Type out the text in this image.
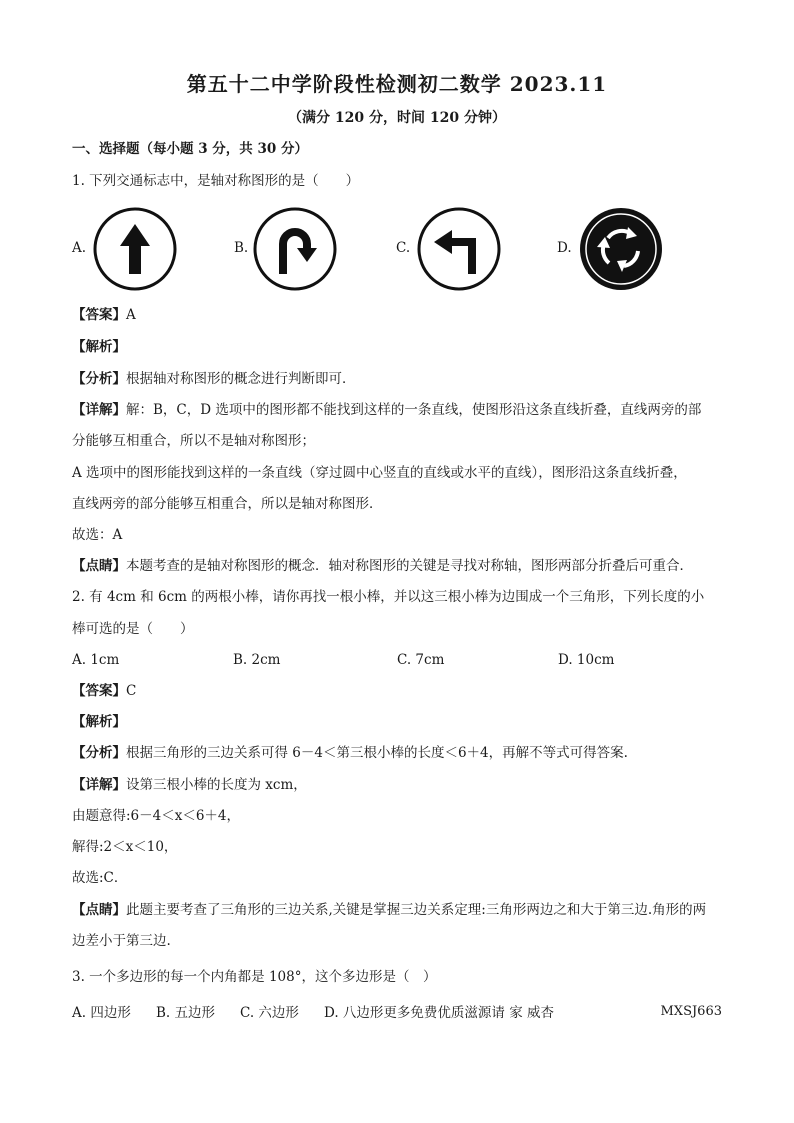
第五十二中学阶段性检测初二数学 2023.11
（满分 120 分，时间 120 分钟）
一、选择题（每小题 3 分，共 30 分）
1. 下列交通标志中，是轴对称图形的是（　　）
A.	B.	C.	D.
【答案】A
【解析】
【分析】根据轴对称图形的概念进行判断即可．
【详解】解：B，C，D 选项中的图形都不能找到这样的一条直线，使图形沿这条直线折叠，直线两旁的部
分能够互相重合，所以不是轴对称图形；
A 选项中的图形能找到这样的一条直线（穿过圆中心竖直的直线或水平的直线），图形沿这条直线折叠，
直线两旁的部分能够互相重合，所以是轴对称图形．
故选：A
【点睛】本题考查的是轴对称图形的概念．轴对称图形的关键是寻找对称轴，图形两部分折叠后可重合．
2. 有 4cm 和 6cm 的两根小棒，请你再找一根小棒，并以这三根小棒为边围成一个三角形，下列长度的小
棒可选的是（　　）
A. 1cm	B. 2cm	C. 7cm	D. 10cm
【答案】C
【解析】
【分析】根据三角形的三边关系可得 6－4＜第三根小棒的长度＜6＋4，再解不等式可得答案.
【详解】设第三根小棒的长度为 xcm，
由题意得:6－4＜x＜6＋4，
解得:2＜x＜10，
故选:C．
【点睛】此题主要考查了三角形的三边关系,关键是掌握三边关系定理:三角形两边之和大于第三边.角形的两
边差小于第三边.
3. 一个多边形的每一个内角都是 108°，这个多边形是（　）
A. 四边形 B. 五边形 C. 六边形 D. 八边形更多免费优质滋源请 家 威杏	MXSJ663
